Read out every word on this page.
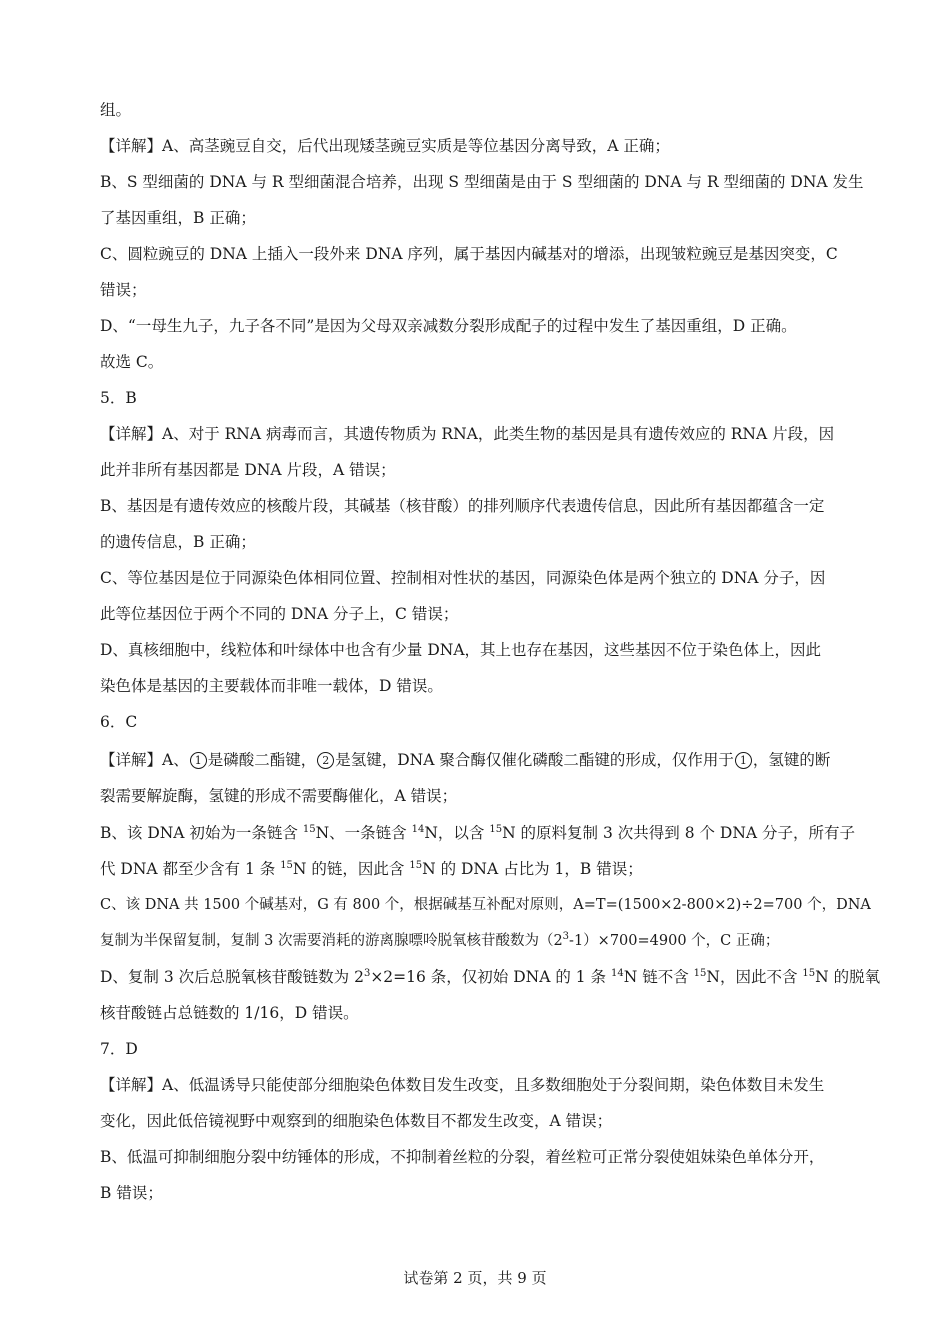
组。
【详解】A、高茎豌豆自交，后代出现矮茎豌豆实质是等位基因分离导致，A 正确；
B、S 型细菌的 DNA 与 R 型细菌混合培养，出现 S 型细菌是由于 S 型细菌的 DNA 与 R 型细菌的 DNA 发生
了基因重组，B 正确；
C、圆粒豌豆的 DNA 上插入一段外来 DNA 序列，属于基因内碱基对的增添，出现皱粒豌豆是基因突变，C
错误；
D、“一母生九子，九子各不同”是因为父母双亲减数分裂形成配子的过程中发生了基因重组，D 正确。
故选 C。
5．B
【详解】A、对于 RNA 病毒而言，其遗传物质为 RNA，此类生物的基因是具有遗传效应的 RNA 片段，因
此并非所有基因都是 DNA 片段，A 错误；
B、基因是有遗传效应的核酸片段，其碱基（核苷酸）的排列顺序代表遗传信息，因此所有基因都蕴含一定
的遗传信息，B 正确；
C、等位基因是位于同源染色体相同位置、控制相对性状的基因，同源染色体是两个独立的 DNA 分子，因
此等位基因位于两个不同的 DNA 分子上，C 错误；
D、真核细胞中，线粒体和叶绿体中也含有少量 DNA，其上也存在基因，这些基因不位于染色体上，因此
染色体是基因的主要载体而非唯一载体，D 错误。
6．C
【详解】A、 1 是磷酸二酯键， 2 是氢键，DNA 聚合酶仅催化磷酸二酯键的形成，仅作用于 1 ，氢键的断
裂需要解旋酶，氢键的形成不需要酶催化，A 错误；
B、该 DNA 初始为一条链含 $^{15}$N、一条链含 $^{14}$N，以含 $^{15}$N 的原料复制 3 次共得到 8 个 DNA 分子，所有子
代 DNA 都至少含有 1 条 $^{15}$N 的链，因此含 $^{15}$N 的 DNA 占比为 1，B 错误；
C、该 DNA 共 1500 个碱基对，G 有 800 个，根据碱基互补配对原则，A=T=(1500×2-800×2)÷2=700 个，DNA
复制为半保留复制，复制 3 次需要消耗的游离腺嘌呤脱氧核苷酸数为$(2^3-1)\times 700=4900$ 个，C 正确；
D、复制 3 次后总脱氧核苷酸链数为 $2^3\times 2=16$ 条，仅初始 DNA 的 1 条 $^{14}$N 链不含 $^{15}$N，因此不含 $^{15}$N 的脱氧
核苷酸链占总链数的 1/16，D 错误。
7．D
【详解】A、低温诱导只能使部分细胞染色体数目发生改变，且多数细胞处于分裂间期，染色体数目未发生
变化，因此低倍镜视野中观察到的细胞染色体数目不都发生改变，A 错误；
B、低温可抑制细胞分裂中纺锤体的形成，不抑制着丝粒的分裂，着丝粒可正常分裂使姐妹染色单体分开，
B 错误；
试卷第 2 页，共 9 页
